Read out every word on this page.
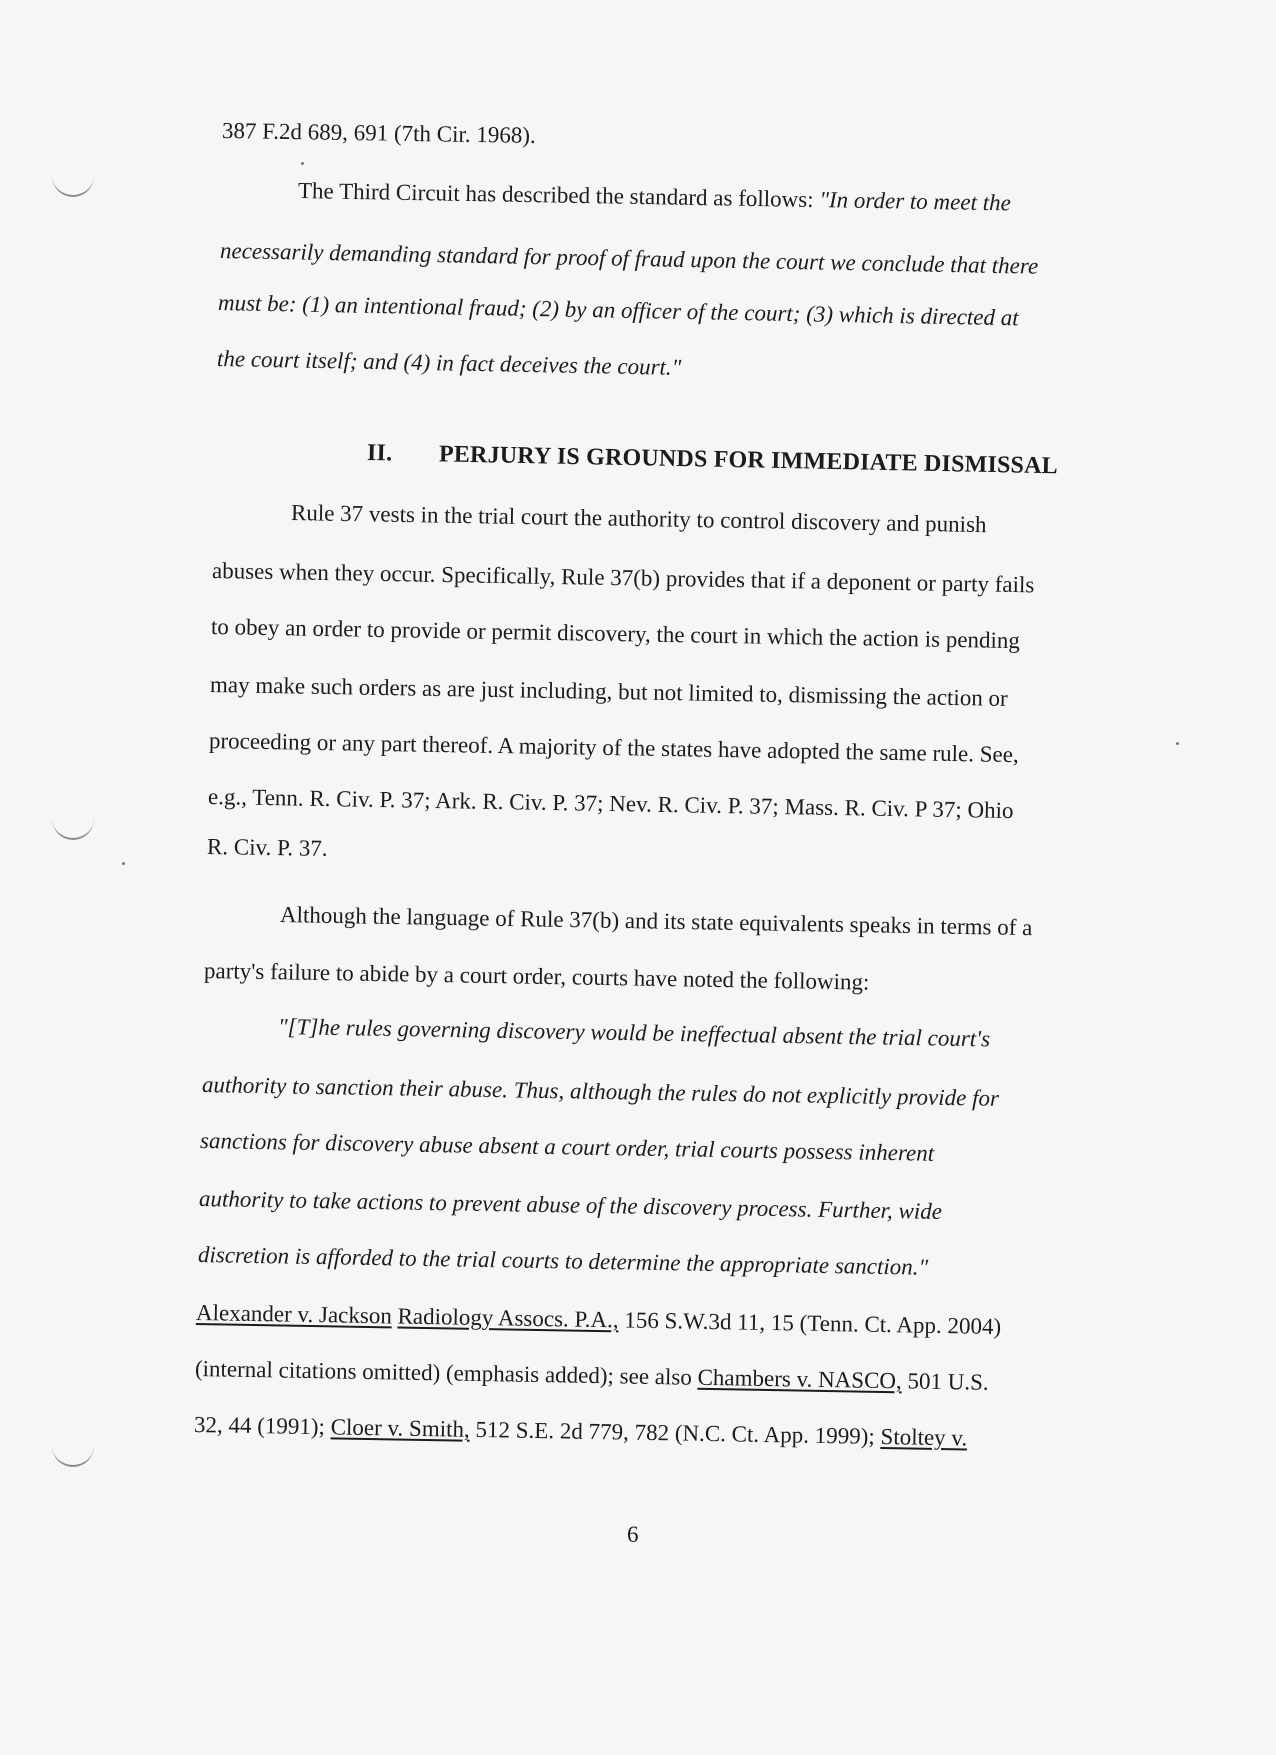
387 F.2d 689, 691 (7th Cir. 1968).
The Third Circuit has described the standard as follows: "In order to meet the
necessarily demanding standard for proof of fraud upon the court we conclude that there
must be: (1) an intentional fraud; (2) by an officer of the court; (3) which is directed at
the court itself; and (4) in fact deceives the court."
II. PERJURY IS GROUNDS FOR IMMEDIATE DISMISSAL
Rule 37 vests in the trial court the authority to control discovery and punish
abuses when they occur. Specifically, Rule 37(b) provides that if a deponent or party fails
to obey an order to provide or permit discovery, the court in which the action is pending
may make such orders as are just including, but not limited to, dismissing the action or
proceeding or any part thereof. A majority of the states have adopted the same rule. See,
e.g., Tenn. R. Civ. P. 37; Ark. R. Civ. P. 37; Nev. R. Civ. P. 37; Mass. R. Civ. P 37; Ohio
R. Civ. P. 37.
Although the language of Rule 37(b) and its state equivalents speaks in terms of a
party's failure to abide by a court order, courts have noted the following:
"[T]he rules governing discovery would be ineffectual absent the trial court's
authority to sanction their abuse. Thus, although the rules do not explicitly provide for
sanctions for discovery abuse absent a court order, trial courts possess inherent
authority to take actions to prevent abuse of the discovery process. Further, wide
discretion is afforded to the trial courts to determine the appropriate sanction."
Alexander v. Jackson Radiology Assocs. P.A., 156 S.W.3d 11, 15 (Tenn. Ct. App. 2004)
(internal citations omitted) (emphasis added); see also Chambers v. NASCO, 501 U.S.
32, 44 (1991); Cloer v. Smith, 512 S.E. 2d 779, 782 (N.C. Ct. App. 1999); Stoltey v.
6
